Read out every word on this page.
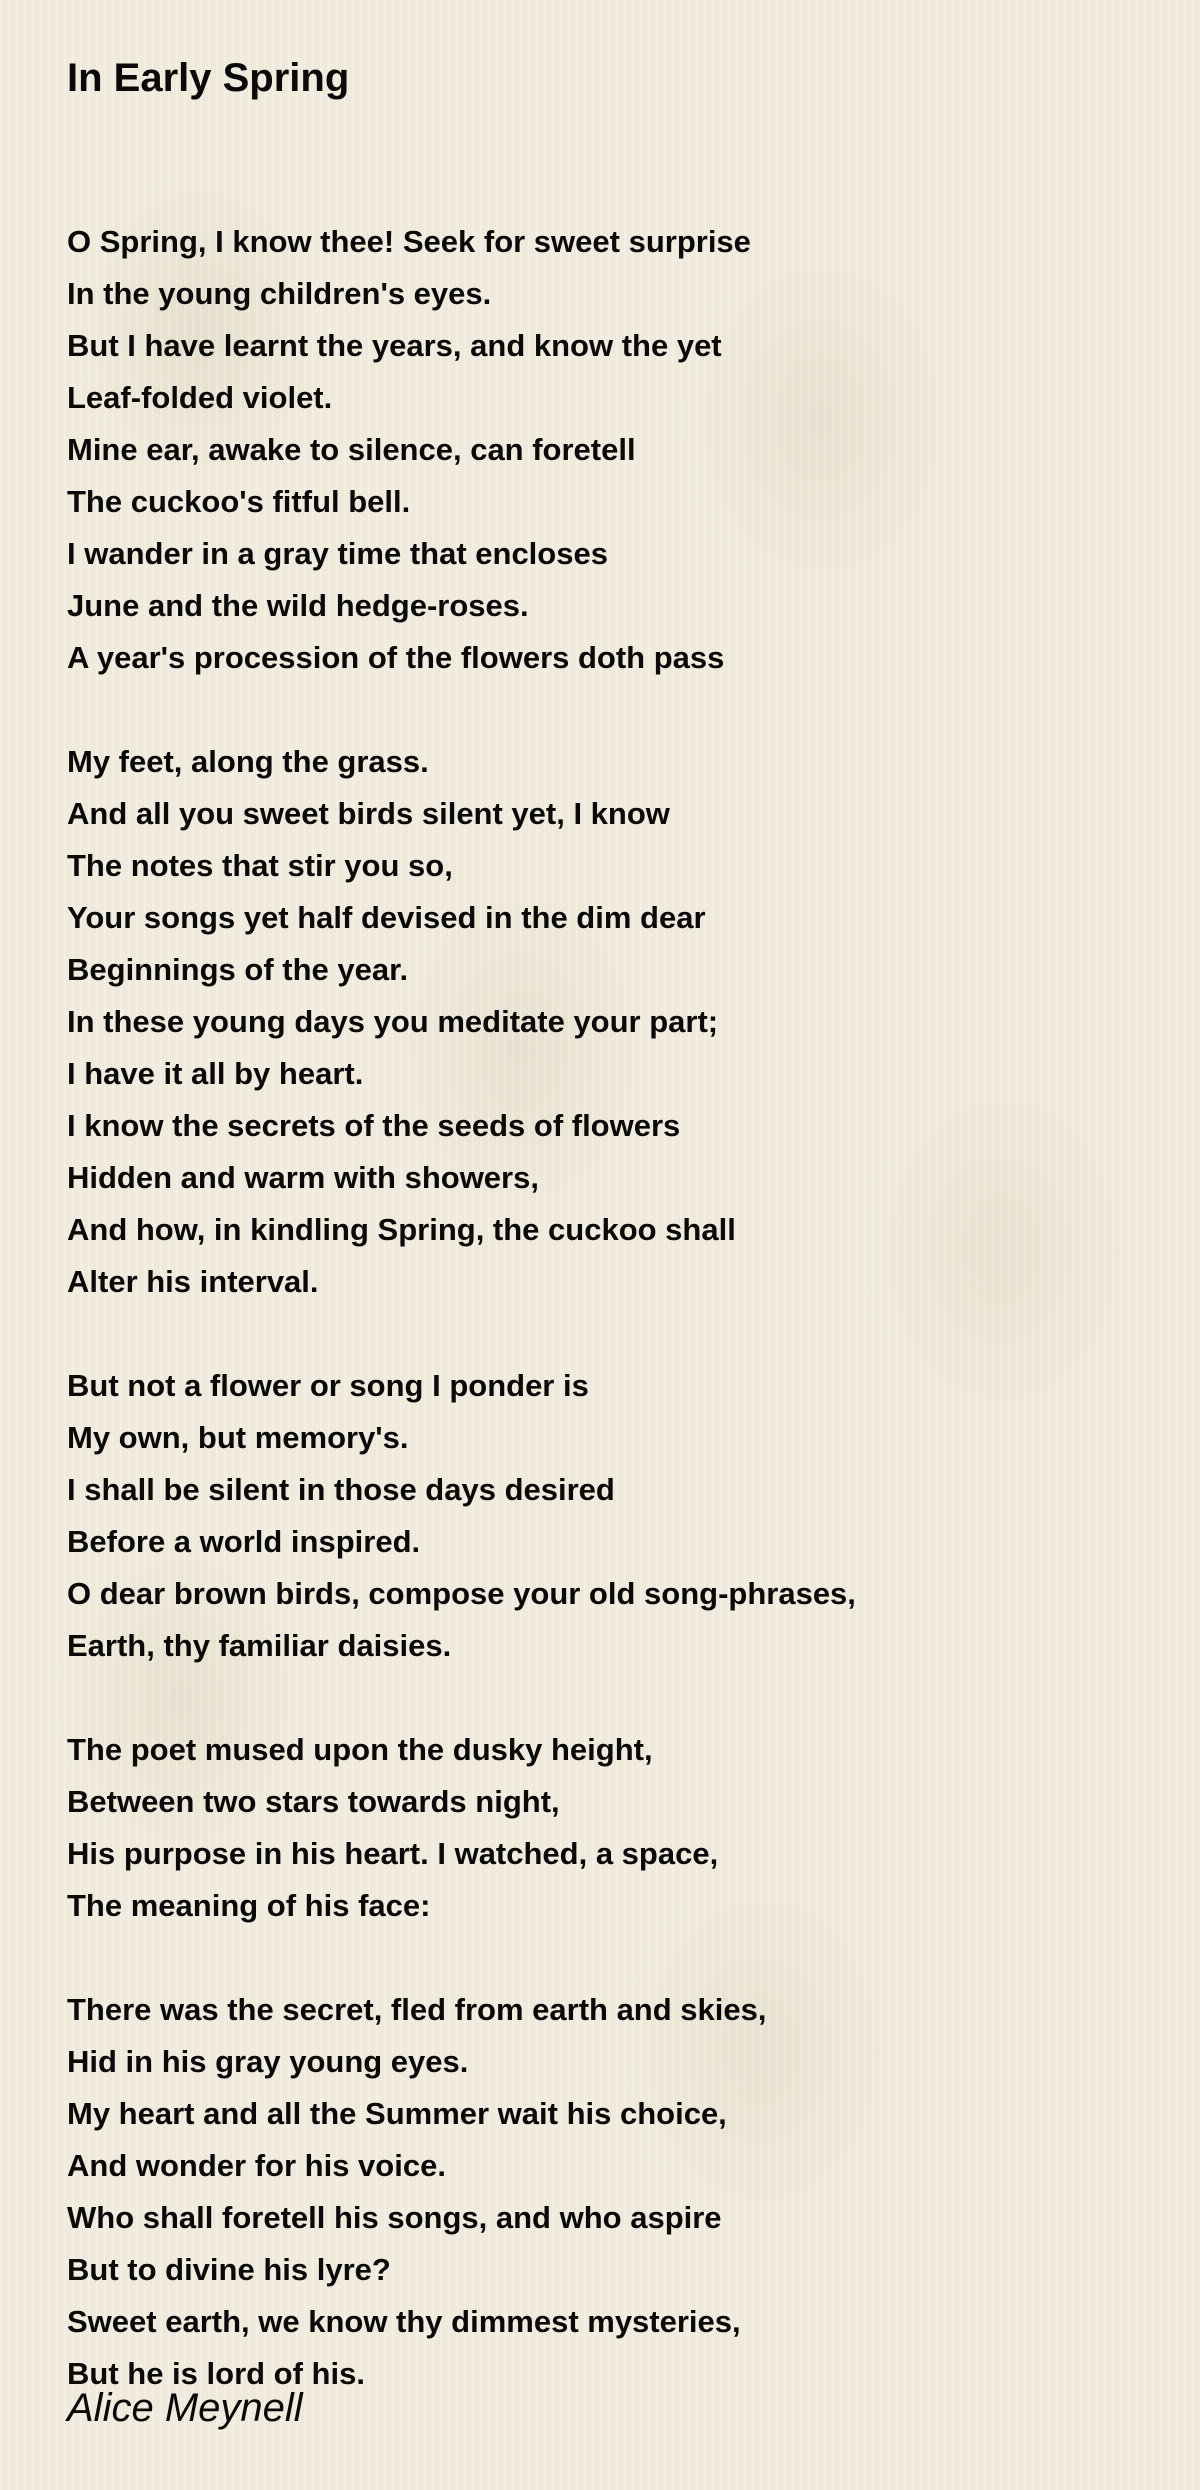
In Early Spring
O Spring, I know thee! Seek for sweet surprise
In the young children's eyes.
But I have learnt the years, and know the yet
Leaf-folded violet.
Mine ear, awake to silence, can foretell
The cuckoo's fitful bell.
I wander in a gray time that encloses
June and the wild hedge-roses.
A year's procession of the flowers doth pass
My feet, along the grass.
And all you sweet birds silent yet, I know
The notes that stir you so,
Your songs yet half devised in the dim dear
Beginnings of the year.
In these young days you meditate your part;
I have it all by heart.
I know the secrets of the seeds of flowers
Hidden and warm with showers,
And how, in kindling Spring, the cuckoo shall
Alter his interval.
But not a flower or song I ponder is
My own, but memory's.
I shall be silent in those days desired
Before a world inspired.
O dear brown birds, compose your old song-phrases,
Earth, thy familiar daisies.
The poet mused upon the dusky height,
Between two stars towards night,
His purpose in his heart. I watched, a space,
The meaning of his face:
There was the secret, fled from earth and skies,
Hid in his gray young eyes.
My heart and all the Summer wait his choice,
And wonder for his voice.
Who shall foretell his songs, and who aspire
But to divine his lyre?
Sweet earth, we know thy dimmest mysteries,
But he is lord of his.
Alice Meynell
